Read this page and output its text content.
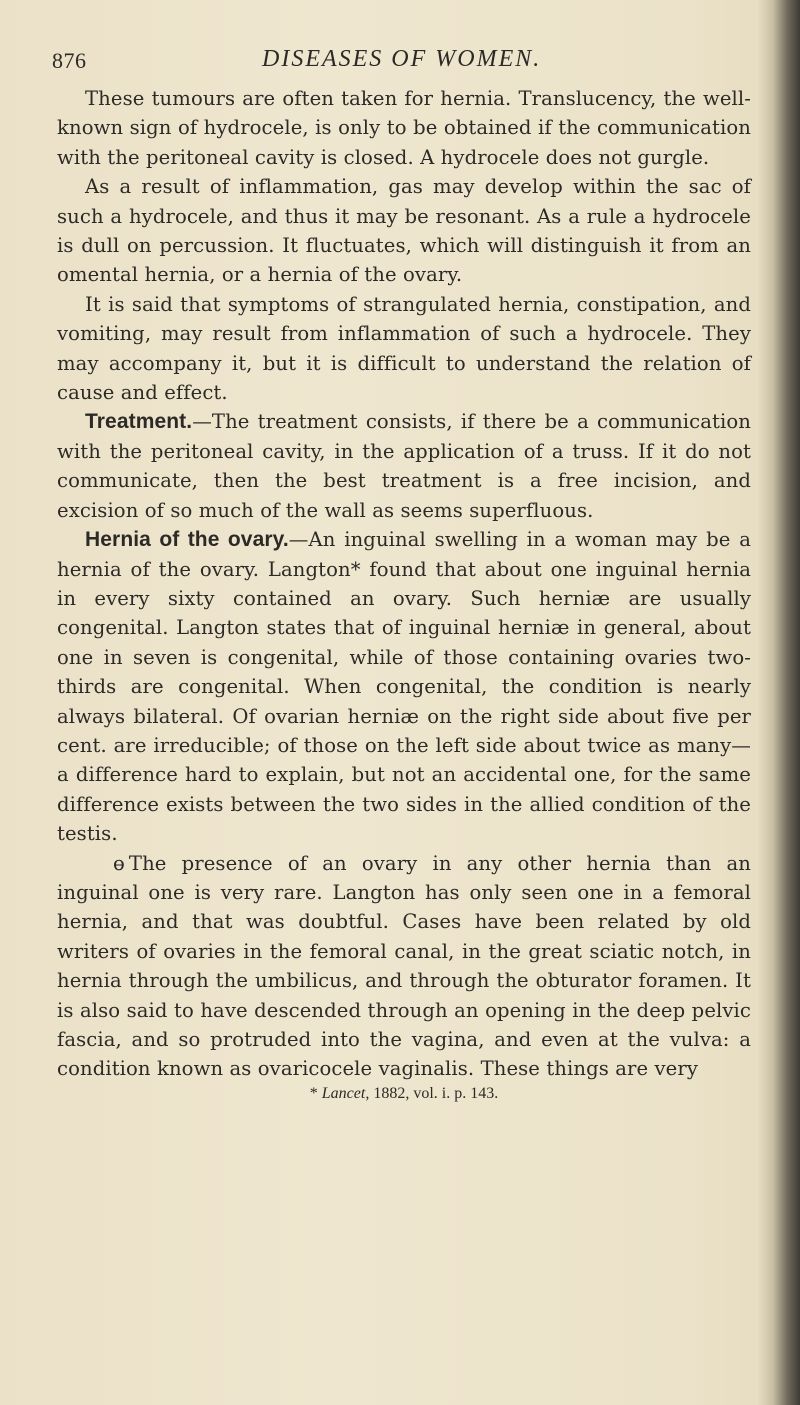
876	DISEASES OF WOMEN.

These tumours are often taken for hernia. Translucency, the well-known sign of hydrocele, is only to be obtained if the communication with the peritoneal cavity is closed. A hydrocele does not gurgle.

As a result of inflammation, gas may develop within the sac of such a hydrocele, and thus it may be resonant. As a rule a hydrocele is dull on percussion. It fluctuates, which will distinguish it from an omental hernia, or a hernia of the ovary.

It is said that symptoms of strangulated hernia, constipation, and vomiting, may result from inflammation of such a hydrocele. They may accompany it, but it is difficult to understand the relation of cause and effect.

Treatment.—The treatment consists, if there be a communication with the peritoneal cavity, in the application of a truss. If it do not communicate, then the best treatment is a free incision, and excision of so much of the wall as seems superfluous.

Hernia of the ovary.—An inguinal swelling in a woman may be a hernia of the ovary. Langton* found that about one inguinal hernia in every sixty contained an ovary. Such herniæ are usually congenital. Langton states that of inguinal herniæ in general, about one in seven is congenital, while of those containing ovaries two-thirds are congenital. When congenital, the condition is nearly always bilateral. Of ovarian herniæ on the right side about five per cent. are irreducible; of those on the left side about twice as many—a difference hard to explain, but not an accidental one, for the same difference exists between the two sides in the allied condition of the testis.

ɵ The presence of an ovary in any other hernia than an inguinal one is very rare. Langton has only seen one in a femoral hernia, and that was doubtful. Cases have been related by old writers of ovaries in the femoral canal, in the great sciatic notch, in hernia through the umbilicus, and through the obturator foramen. It is also said to have descended through an opening in the deep pelvic fascia, and so protruded into the vagina, and even at the vulva: a condition known as ovaricocele vaginalis. These things are very

* Lancet, 1882, vol. i. p. 143.
